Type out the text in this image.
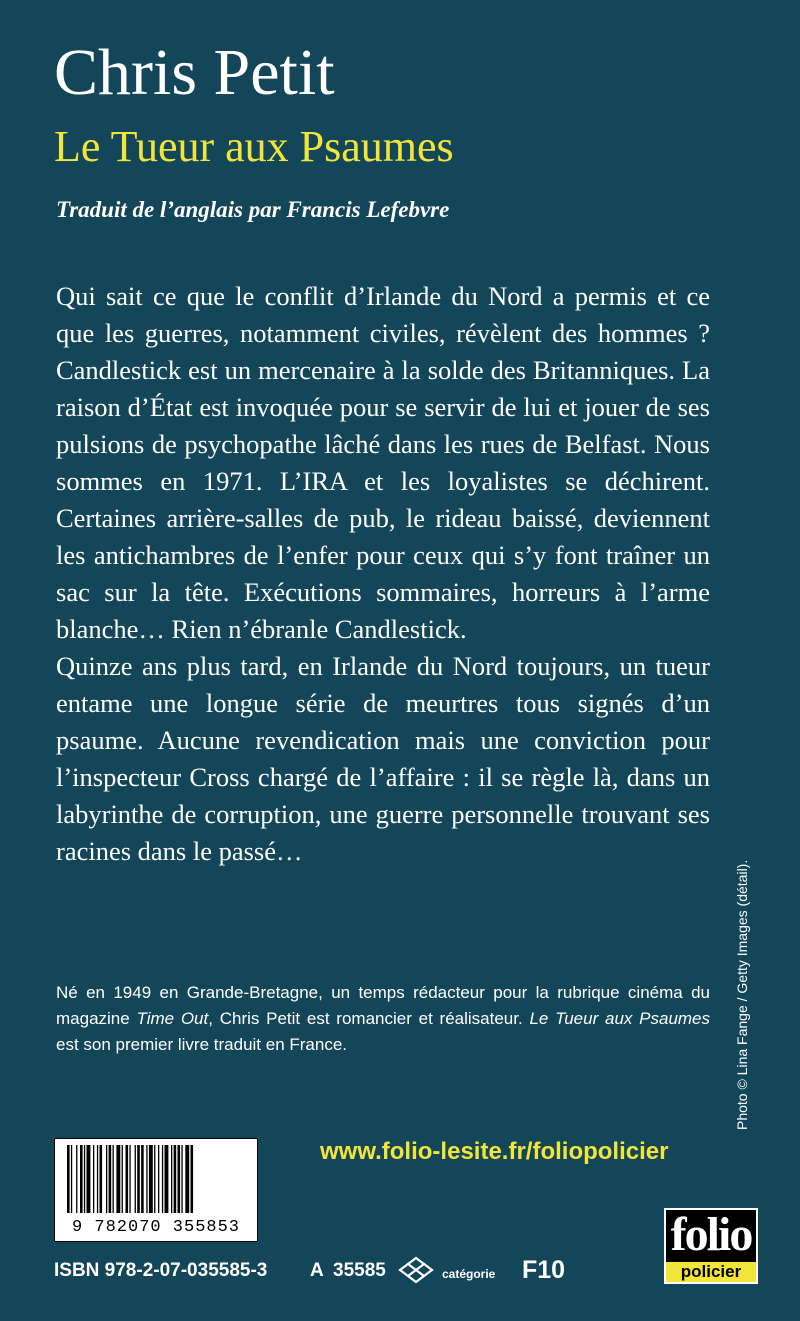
Chris Petit
Le Tueur aux Psaumes
Traduit de l’anglais par Francis Lefebvre

Qui sait ce que le conflit d’Irlande du Nord a permis et ce que les guerres, notamment civiles, révèlent des hommes ? Candlestick est un mercenaire à la solde des Britanniques. La raison d’État est invoquée pour se servir de lui et jouer de ses pulsions de psychopathe lâché dans les rues de Belfast. Nous sommes en 1971. L’IRA et les loyalistes se déchirent. Certaines arrière-salles de pub, le rideau baissé, deviennent les antichambres de l’enfer pour ceux qui s’y font traîner un sac sur la tête. Exécutions sommaires, horreurs à l’arme blanche… Rien n’ébranle Candlestick.

Quinze ans plus tard, en Irlande du Nord toujours, un tueur entame une longue série de meurtres tous signés d’un psaume. Aucune revendication mais une conviction pour l’inspecteur Cross chargé de l’affaire : il se règle là, dans un labyrinthe de corruption, une guerre personnelle trouvant ses racines dans le passé…

Né en 1949 en Grande-Bretagne, un temps rédacteur pour la rubrique cinéma du magazine Time Out, Chris Petit est romancier et réalisateur. Le Tueur aux Psaumes est son premier livre traduit en France.	Photo © Lina Fange / Getty Images (détail).
www.folio-lesite.fr/foliopolicier
9 782070 355853
ISBN 978-2-07-035585-3 A 35585	catégorie F10
folio
policier
